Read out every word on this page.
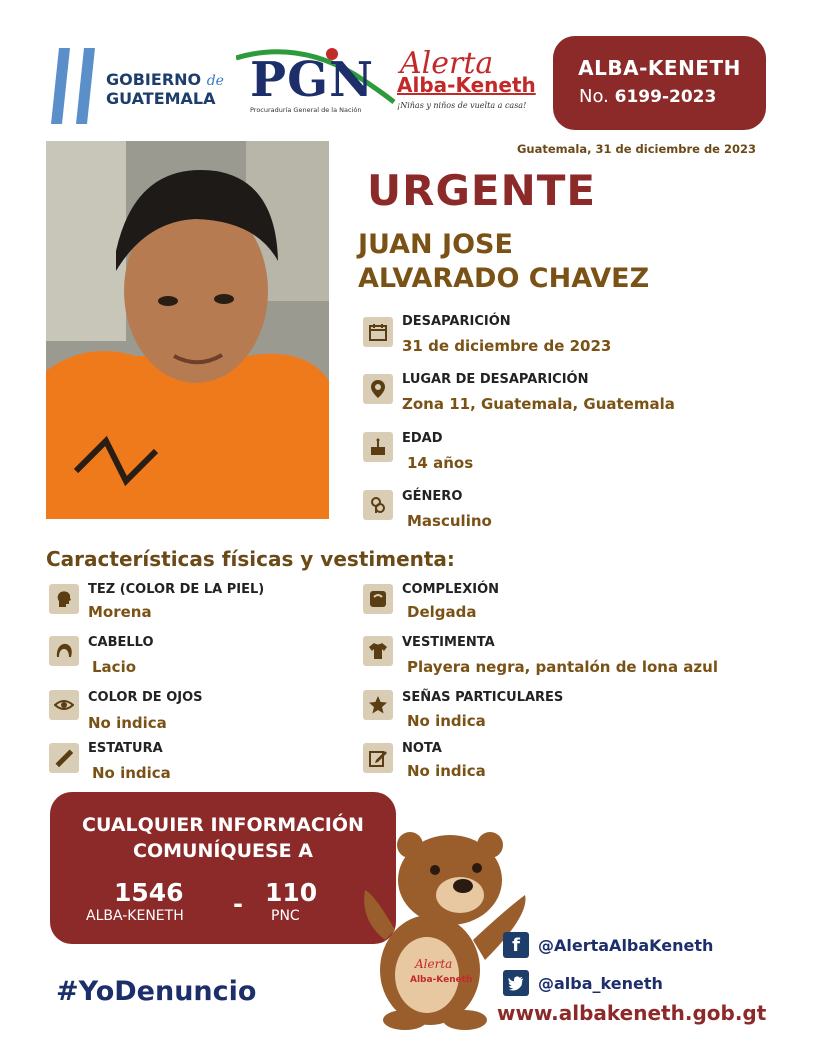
GOBIERNO de
GUATEMALA PGN
Procuraduría General de la Nación
Alerta
Alba-Keneth
¡Niñas y niños de vuelta a casa!
ALBA-KENETH
No. 6199-2023
Guatemala, 31 de diciembre de 2023
URGENTE
JUAN JOSE
ALVARADO CHAVEZ
DESAPARICIÓN
31 de diciembre de 2023
LUGAR DE DESAPARICIÓN
Zona 11, Guatemala, Guatemala
EDAD
14 años
GÉNERO
Masculino
Características físicas y vestimenta:
TEZ (COLOR DE LA PIEL)
Morena
CABELLO
Lacio
COLOR DE OJOS
No indica
ESTATURA
No indica
COMPLEXIÓN
Delgada
VESTIMENTA
Playera negra, pantalón de lona azul
SEÑAS PARTICULARES
No indica
NOTA
No indica
CUALQUIER INFORMACIÓN
COMUNÍQUESE A
1546
ALBA-KENETH - 110
PNC
#YoDenuncio
Alerta
Alba-Keneth
f	@AlertaAlbaKeneth
@alba_keneth
www.albakeneth.gob.gt
